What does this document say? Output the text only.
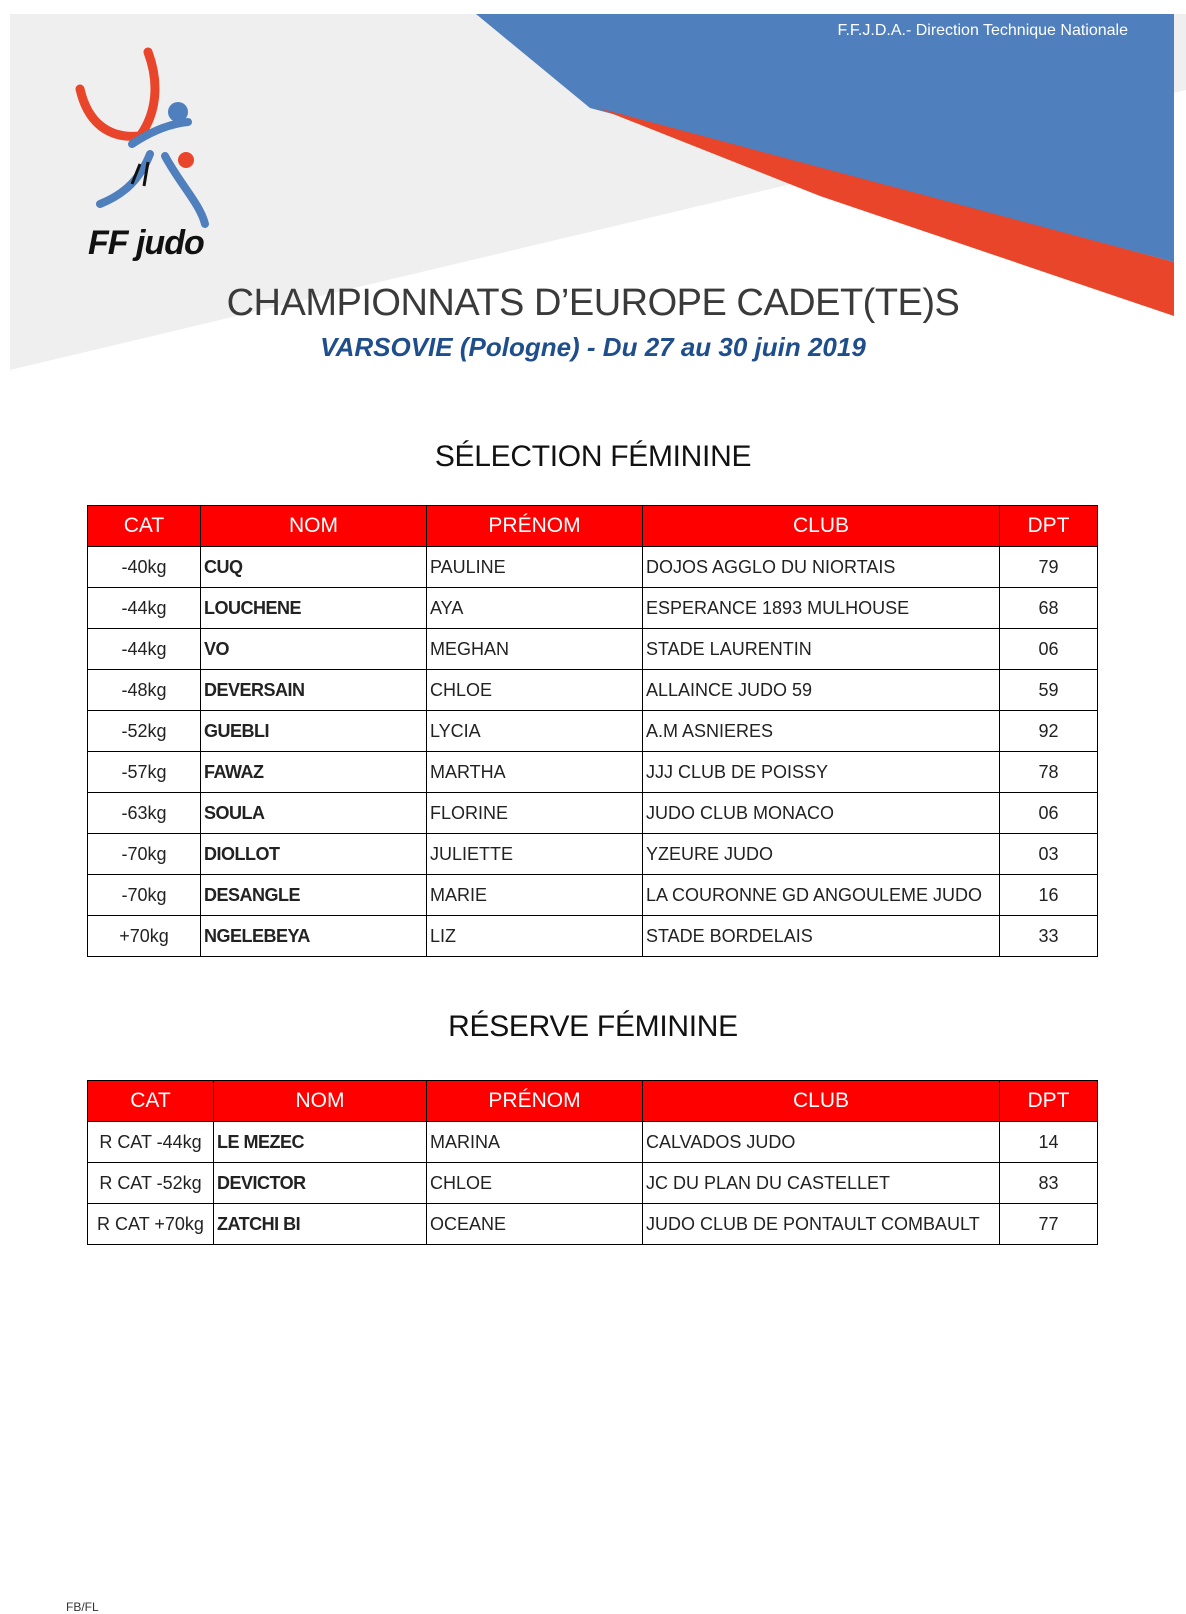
F.F.J.D.A.- Direction Technique Nationale
FF judo
CHAMPIONNATS D’EUROPE CADET(TE)S
VARSOVIE (Pologne) - Du 27 au 30 juin 2019
SÉLECTION FÉMININE
CAT	NOM	PRÉNOM	CLUB	DPT
-40kg	CUQ	PAULINE	DOJOS AGGLO DU NIORTAIS	79
-44kg	LOUCHENE	AYA	ESPERANCE 1893 MULHOUSE	68
-44kg	VO	MEGHAN	STADE LAURENTIN	06
-48kg	DEVERSAIN	CHLOE	ALLAINCE JUDO 59	59
-52kg	GUEBLI	LYCIA	A.M ASNIERES	92
-57kg	FAWAZ	MARTHA	JJJ CLUB DE POISSY	78
-63kg	SOULA	FLORINE	JUDO CLUB MONACO	06
-70kg	DIOLLOT	JULIETTE	YZEURE JUDO	03
-70kg	DESANGLE	MARIE	LA COURONNE GD ANGOULEME JUDO	16
+70kg	NGELEBEYA	LIZ	STADE BORDELAIS	33
RÉSERVE FÉMININE
CAT	NOM	PRÉNOM	CLUB	DPT
R CAT -44kg	LE MEZEC	MARINA	CALVADOS JUDO	14
R CAT -52kg	DEVICTOR	CHLOE	JC DU PLAN DU CASTELLET	83
R CAT +70kg	ZATCHI BI	OCEANE	JUDO CLUB DE PONTAULT COMBAULT	77
FB/FL
